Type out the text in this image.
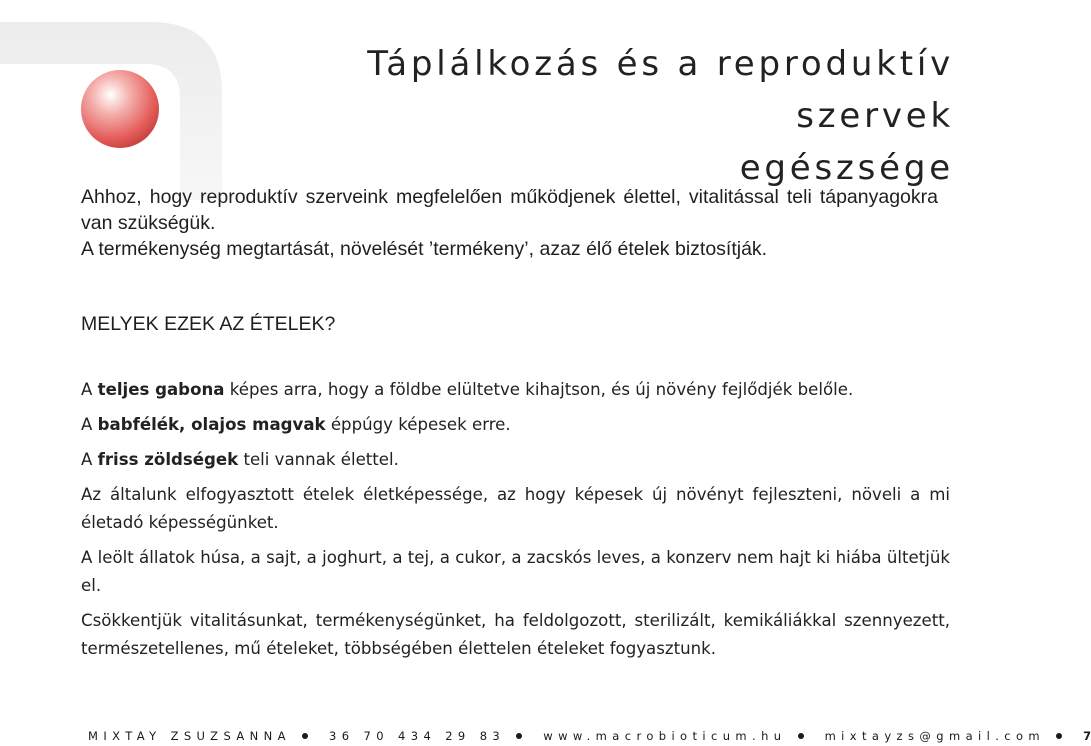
Táplálkozás és a reproduktív szervek
egészsége

Ahhoz, hogy reproduktív szerveink megfelelően működjenek élettel, vitalitással teli tápanyagokra van szükségük.

A termékenység megtartását, növelését ’termékeny’, azaz élő ételek biztosítják.

MELYEK EZEK AZ ÉTELEK?

A teljes gabona képes arra, hogy a földbe elültetve kihajtson, és új növény fejlődjék belőle.

A babfélék, olajos magvak éppúgy képesek erre.

A friss zöldségek teli vannak élettel.

Az általunk elfogyasztott ételek életképessége, az hogy képesek új növényt fejleszteni, növeli a mi életadó képességünket.

A leölt állatok húsa, a sajt, a joghurt, a tej, a cukor, a zacskós leves, a konzerv nem hajt ki hiába ültetjük el.

Csökkentjük vitalitásunkat, termékenységünket, ha feldolgozott, sterilizált, kemikáliákkal szennyezett, természetellenes, mű ételeket, többségében élettelen ételeket fogyasztunk.

MIXTAY ZSUZSANNA	36 70 434 29 83	www.macrobioticum.hu	mixtayzs@gmail.com	7
